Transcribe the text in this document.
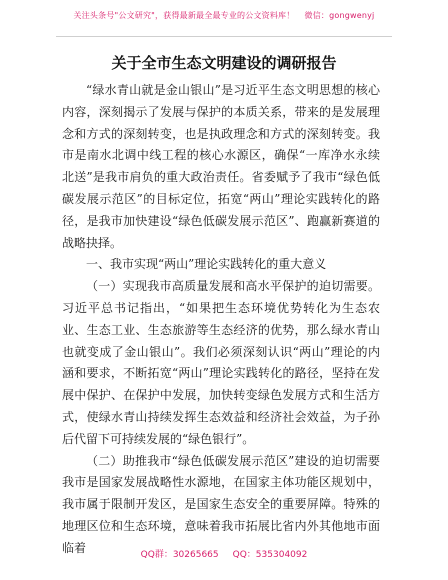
关注头条号"公文研究"，获得最新最全最专业的公文资料库！ 微信：gongwenyj
关于全市生态文明建设的调研报告

“绿水青山就是金山银山”是习近平生态文明思想的核心内容，深刻揭示了发展与保护的本质关系，带来的是发展理念和方式的深刻转变，也是执政理念和方式的深刻转变。我市是南水北调中线工程的核心水源区，确保“一库净水永续北送”是我市肩负的重大政治责任。省委赋予了我市“绿色低碳发展示范区”的目标定位，拓宽“两山”理论实践转化的路径，是我市加快建设“绿色低碳发展示范区”、跑赢新赛道的战略抉择。

一、我市实现“两山”理论实践转化的重大意义

（一）实现我市高质量发展和高水平保护的迫切需要。习近平总书记指出，“如果把生态环境优势转化为生态农业、生态工业、生态旅游等生态经济的优势，那么绿水青山也就变成了金山银山”。我们必须深刻认识“两山”理论的内涵和要求，不断拓宽“两山”理论实践转化的路径，坚持在发展中保护、在保护中发展，加快转变绿色发展方式和生活方式，使绿水青山持续发挥生态效益和经济社会效益，为子孙后代留下可持续发展的“绿色银行”。

（二）助推我市“绿色低碳发展示范区”建设的迫切需要我市是国家发展战略性水源地，在国家主体功能区规划中，我市属于限制开发区，是国家生态安全的重要屏障。特殊的地理区位和生态环境，意味着我市拓展比省内外其他地市面临着

QQ群：30265665 QQ：535304092
